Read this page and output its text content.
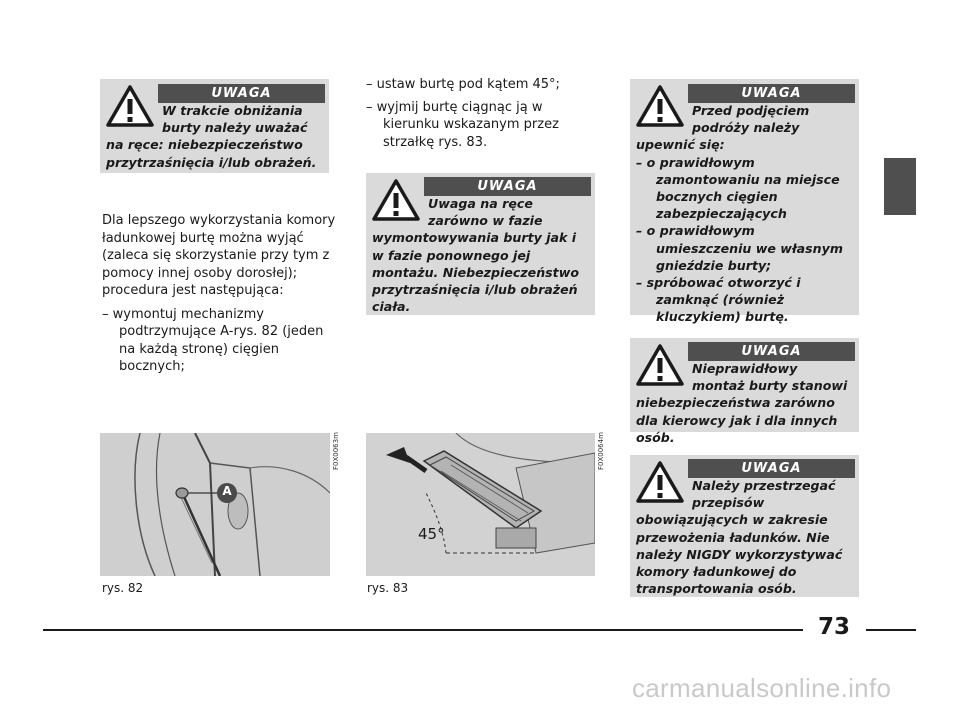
UWAGA
W trakcie obniżania burty należy uważać na ręce: niebezpieczeństwo przytrzaśnięcia i/lub obrażeń.
Dla lepszego wykorzystania komory ładunkowej burtę można wyjąć (zaleca się skorzystanie przy tym z pomocy innej osoby dorosłej); procedura jest następująca:
– wymontuj mechanizmy podtrzymujące A-rys. 82 (jeden na każdą stronę) cięgien bocznych;
– ustaw burtę pod kątem 45°;
– wyjmij burtę ciągnąc ją w kierunku wskazanym przez strzałkę rys. 83.
UWAGA
Uwaga na ręce zarówno w fazie wymontowywania burty jak i w fazie ponownego jej montażu. Niebezpieczeństwo przytrzaśnięcia i/lub obrażeń ciała.
UWAGA
Przed podjęciem podróży należy upewnić się:
– o prawidłowym zamontowaniu na miejsce bocznych cięgien zabezpieczających
– o prawidłowym umieszczeniu we własnym gnieździe burty;
– spróbować otworzyć i zamknąć (również kluczykiem) burtę.
UWAGA
Nieprawidłowy montaż burty stanowi niebezpieczeństwa zarówno dla kierowcy jak i dla innych osób.
UWAGA
Należy przestrzegać przepisów obowiązujących w zakresie przewożenia ładunków. Nie należy NIGDY wykorzystywać komory ładunkowej do transportowania osób.
A
F0X0063m
rys. 82
45°
F0X0064m
rys. 83
73
carmanualsonline.info
